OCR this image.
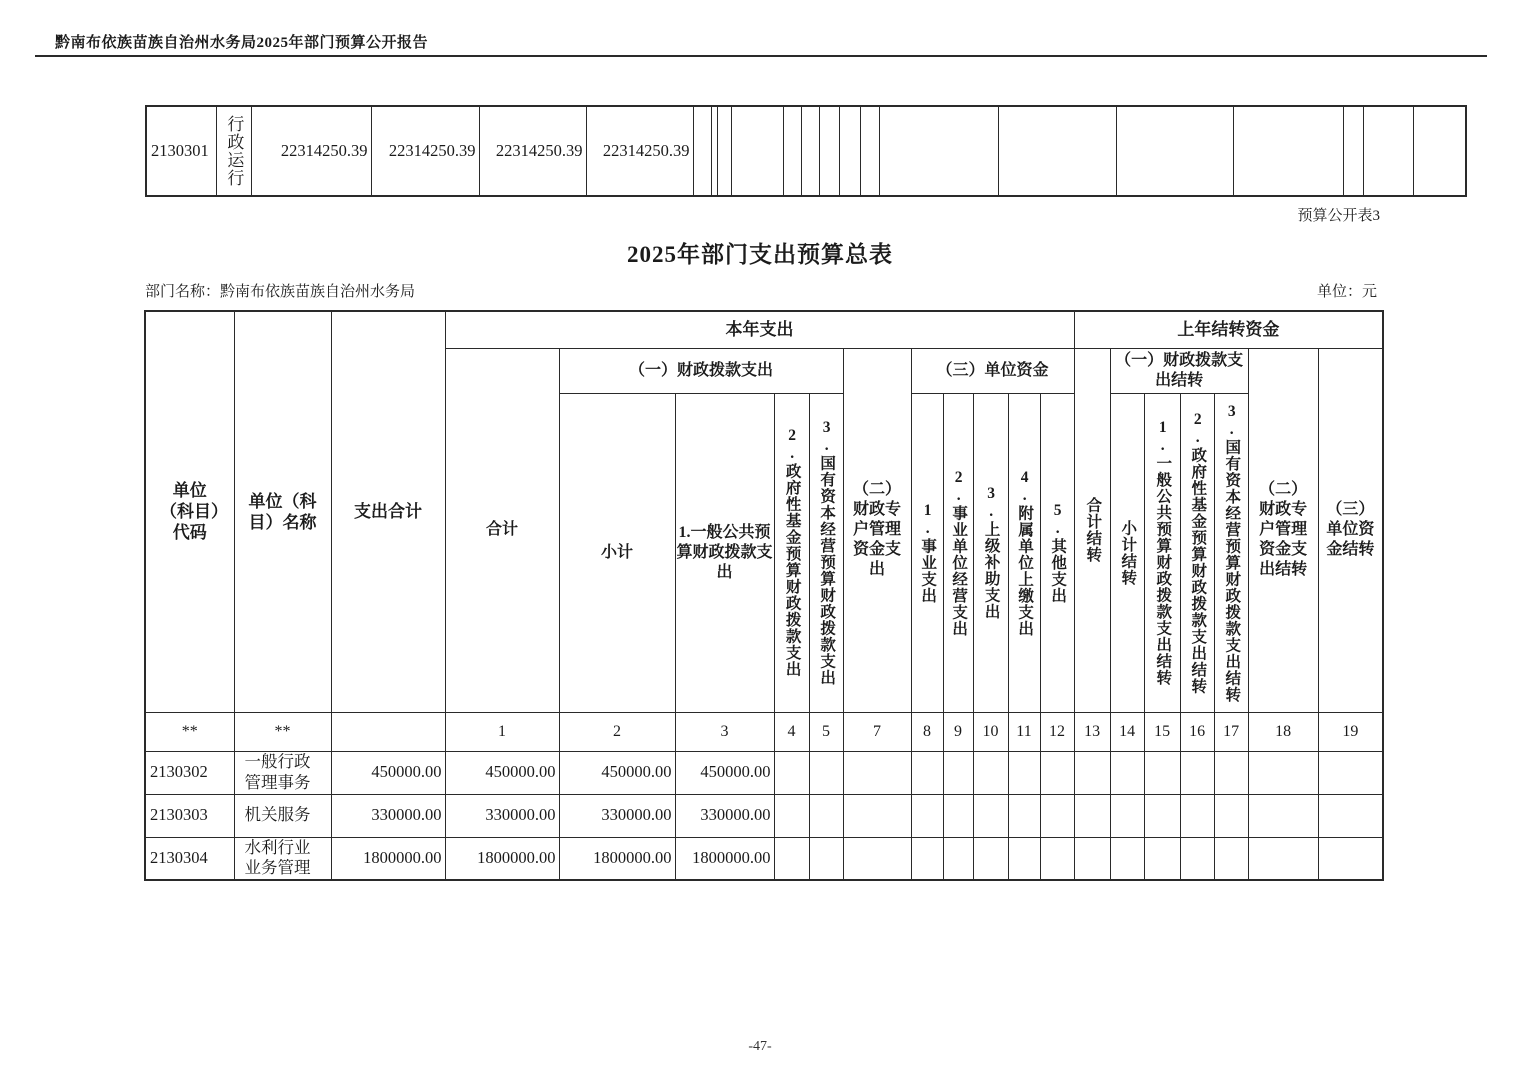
黔南布依族苗族自治州水务局2025年部门预算公开报告
2130301	行政运行	22314250.39	22314250.39	22314250.39	22314250.39																
预算公开表3
2025年部门支出预算总表
部门名称：黔南布依族苗族自治州水务局	单位：元
单位（科目）代码	单位（科目）名称	支出合计	本年支出											上年结转资金						
			合计	（一）财政拨款支出				（二）财政专户管理资金支出	（三）单位资金					合计结转	（一）财政拨款支出结转				（二）财政专户管理资金支出结转	（三）单位资金结转
				小计	1.一般公共预算财政拨款支出	2.政府性基金预算财政拨款支出	3.国有资本经营预算财政拨款支出		1.事业支出	2.事业单位经营支出	3.上级补助支出	4.附属单位上缴支出	5.其他支出		小计结转	1.一般公共预算财政拨款支出结转	2.政府性基金预算财政拨款支出结转	3.国有资本经营预算财政拨款支出结转		
**	**		1	2	3	4	5	7	8	9	10	11	12	13	14	15	16	17	18	19
2130302	一般行政管理事务	450000.00	450000.00	450000.00	450000.00															
2130303	机关服务	330000.00	330000.00	330000.00	330000.00															
2130304	水利行业业务管理	1800000.00	1800000.00	1800000.00	1800000.00															
-47-
